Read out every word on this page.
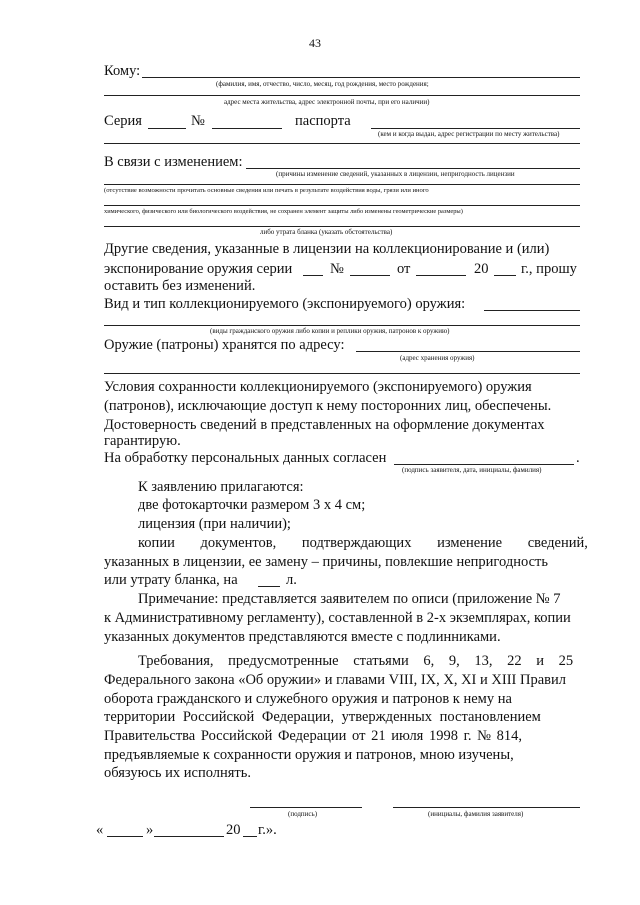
43
Кому:
(фамилия, имя, отчество, число, месяц, год рождения, место рождения;
адрес места жительства, адрес электронной почты, при его наличии)
Серия	№	паспорта
(кем и когда выдан, адрес регистрации по месту жительства)
В связи с изменением:
(причины изменение сведений, указанных в лицензии, непригодность лицензии
(отсутствие возможности прочитать основные сведения или печать в результате воздействия воды, грязи или иного
химического, физического или биологического воздействия, не сохранен элемент защиты либо изменены геометрические размеры)
либо утрата бланка (указать обстоятельства)
Другие сведения, указанные в лицензии на коллекционирование и (или)
экспонирование оружия серии	№	от	20 г., прошу
оставить без изменений.
Вид и тип коллекционируемого (экспонируемого) оружия:
(виды гражданского оружия либо копии и реплики оружия, патронов к оружию)
Оружие (патроны) хранятся по адресу:
(адрес хранения оружия)
Условия сохранности коллекционируемого (экспонируемого) оружия
(патронов), исключающие доступ к нему посторонних лиц, обеспечены.
Достоверность сведений в представленных на оформление документах
гарантирую.
На обработку персональных данных согласен	.
(подпись заявителя, дата, инициалы, фамилия)
К заявлению прилагаются:
две фотокарточки размером 3 х 4 см;
лицензия (при наличии);
копии документов, подтверждающих изменение сведений,
указанных в лицензии, ее замену – причины, повлекшие непригодность
или утрату бланка, на	л.
Примечание: представляется заявителем по описи (приложение № 7
к Административному регламенту), составленной в 2-х экземплярах, копии
указанных документов представляются вместе с подлинниками.
Требования, предусмотренные статьями 6, 9, 13, 22 и 25
Федерального закона «Об оружии» и главами VIII, IX, X, XI и XIII Правил
оборота гражданского и служебного оружия и патронов к нему на
территории Российской Федерации, утвержденных постановлением
Правительства Российской Федерации от 21 июля 1998 г. № 814,
предъявляемые к сохранности оружия и патронов, мною изучены,
обязуюсь их исполнять.
(подпись)	(инициалы, фамилия заявителя)
«	»	20 г.».
